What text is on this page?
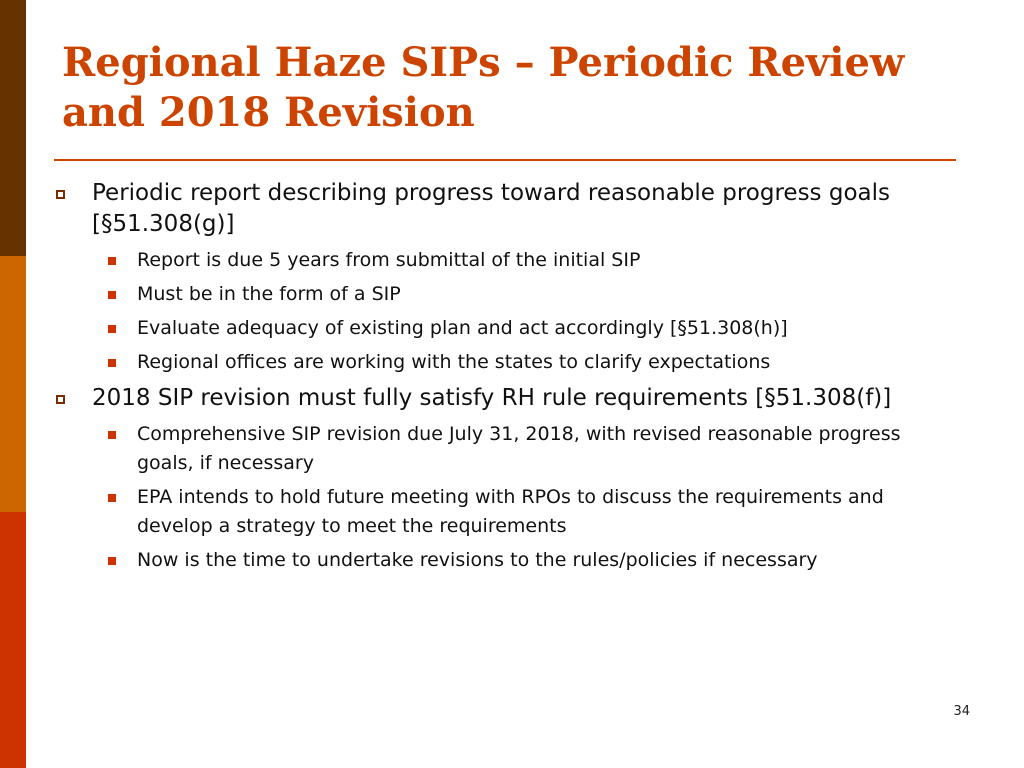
Regional Haze SIPs – Periodic Review
and 2018 Revision
Periodic report describing progress toward reasonable progress goals [§51.308(g)]
Report is due 5 years from submittal of the initial SIP
Must be in the form of a SIP
Evaluate adequacy of existing plan and act accordingly [§51.308(h)]
Regional offices are working with the states to clarify expectations
2018 SIP revision must fully satisfy RH rule requirements [§51.308(f)]
Comprehensive SIP revision due July 31, 2018, with revised reasonable progress goals, if necessary
EPA intends to hold future meeting with RPOs to discuss the requirements and develop a strategy to meet the requirements
Now is the time to undertake revisions to the rules/policies if necessary
34
